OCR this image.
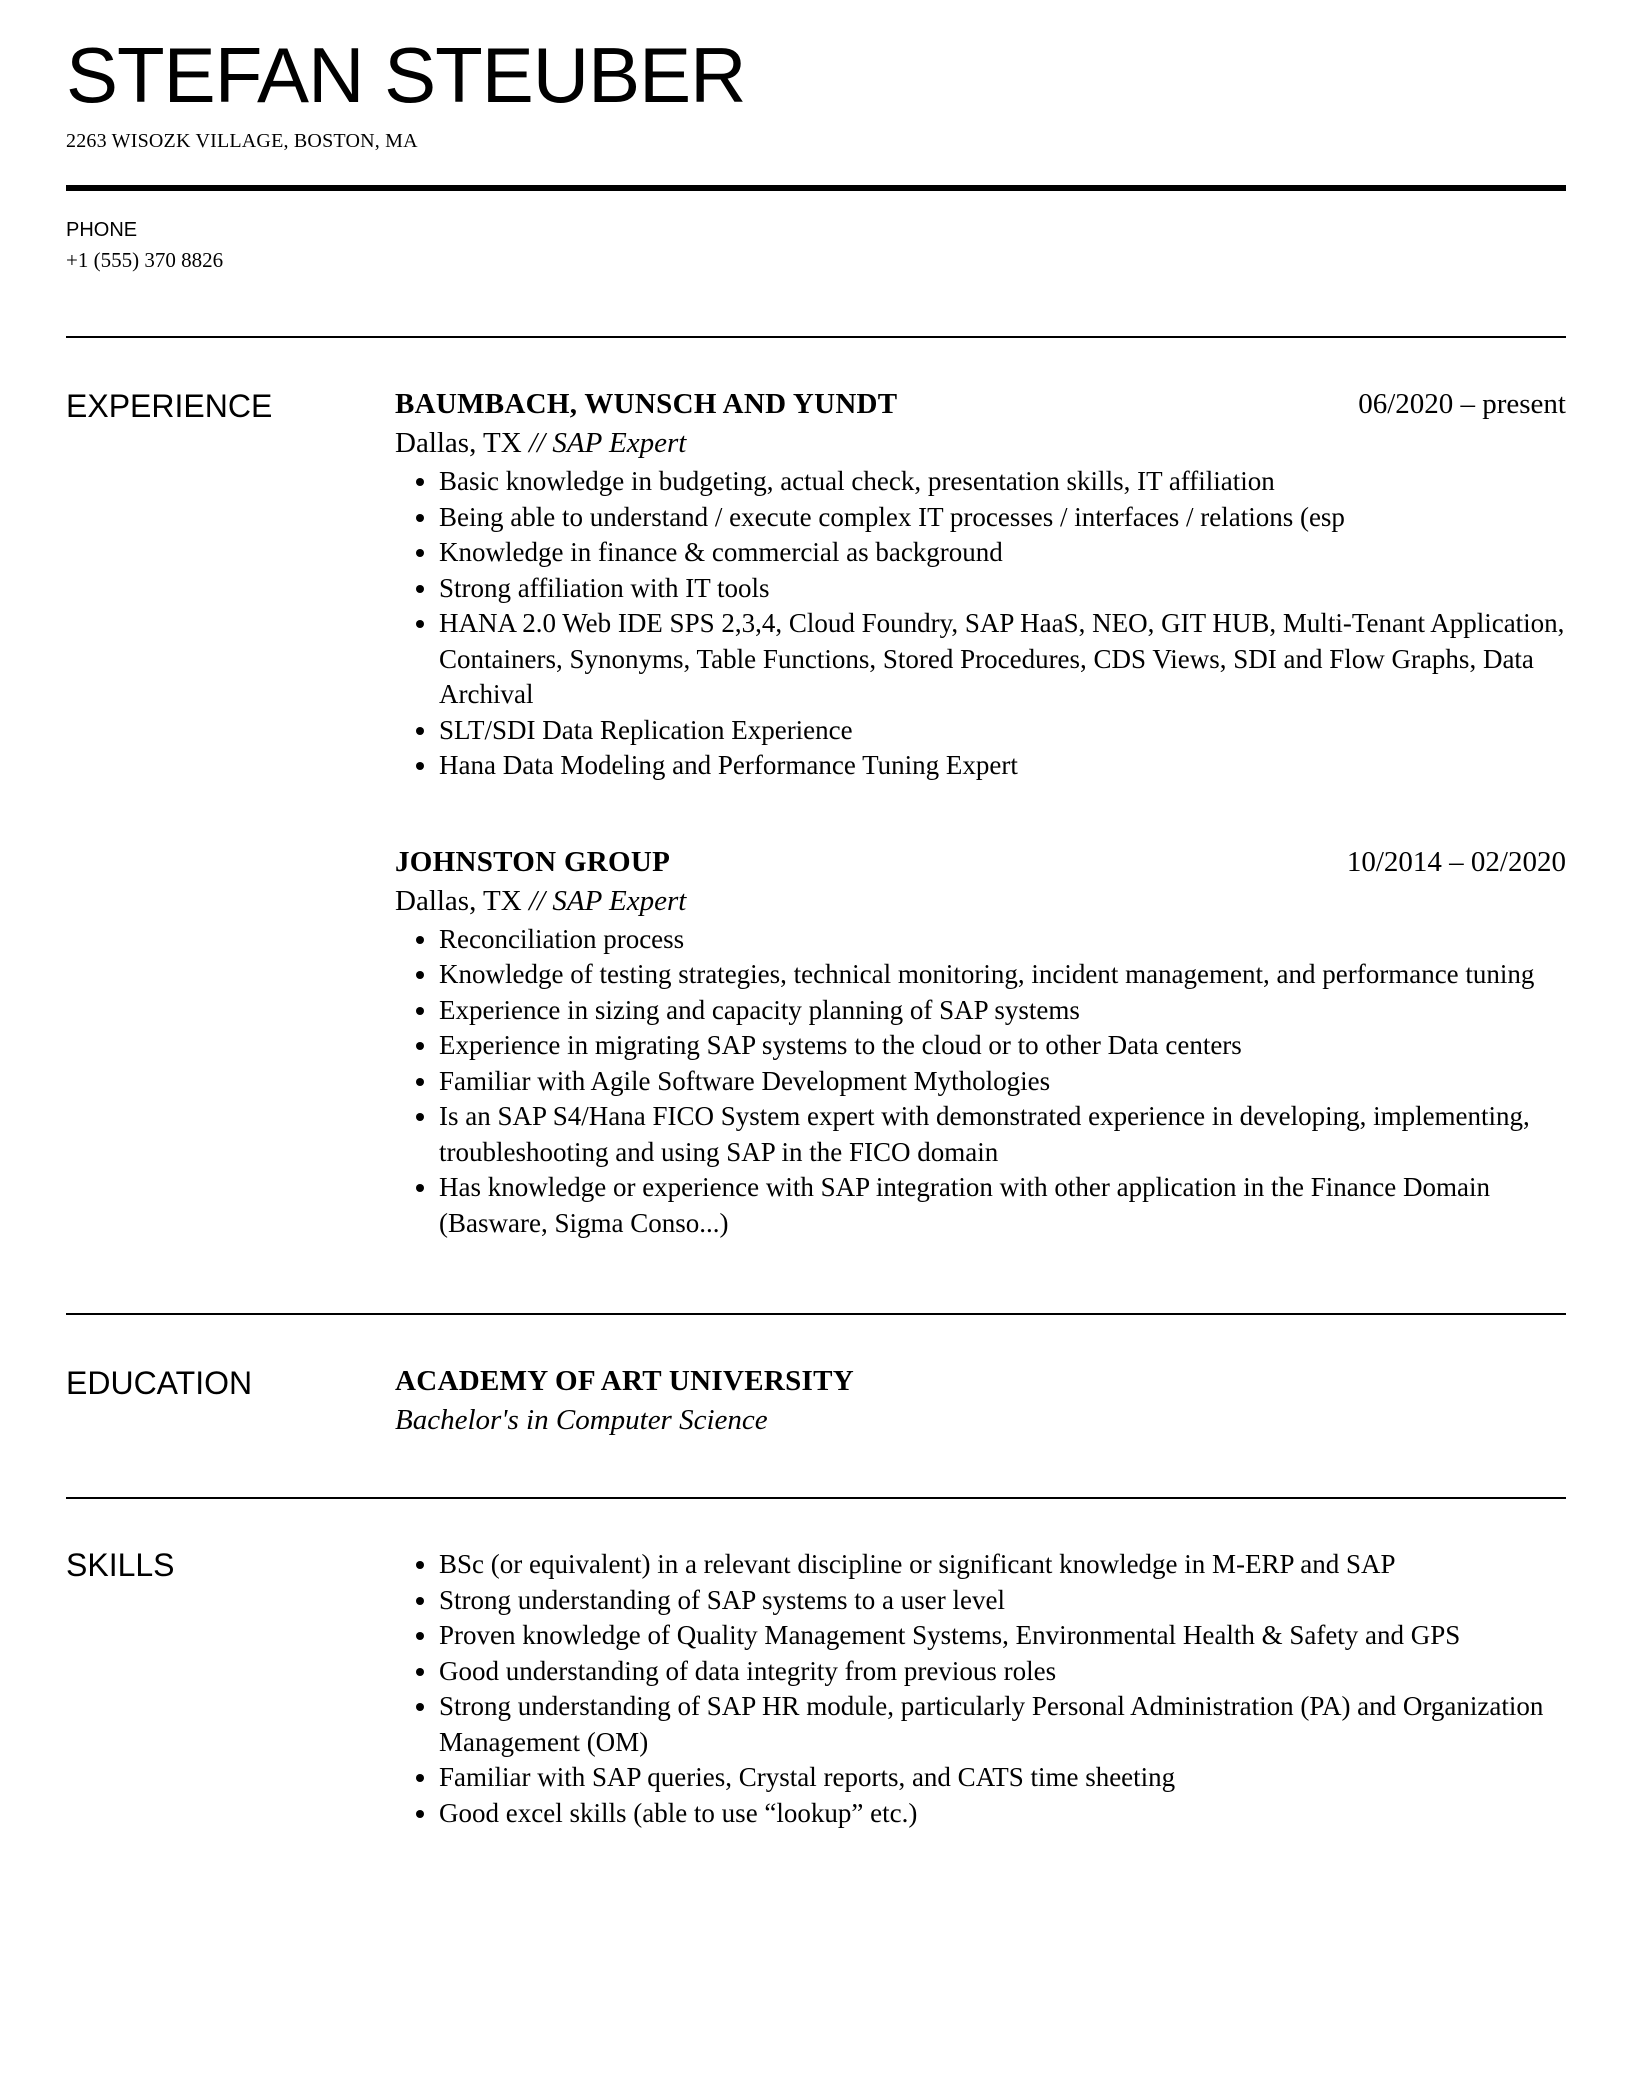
STEFAN STEUBER
2263 WISOZK VILLAGE, BOSTON, MA
PHONE
+1 (555) 370 8826
EXPERIENCE	BAUMBACH, WUNSCH AND YUNDT	06/2020 – present
Dallas, TX // SAP Expert
• Basic knowledge in budgeting, actual check, presentation skills, IT affiliation
• Being able to understand / execute complex IT processes / interfaces / relations (esp
• Knowledge in finance & commercial as background
• Strong affiliation with IT tools
• HANA 2.0 Web IDE SPS 2,3,4, Cloud Foundry, SAP HaaS, NEO, GIT HUB, Multi-Tenant Application, Containers, Synonyms, Table Functions, Stored Procedures, CDS Views, SDI and Flow Graphs, Data Archival
• SLT/SDI Data Replication Experience
• Hana Data Modeling and Performance Tuning Expert
JOHNSTON GROUP	10/2014 – 02/2020
Dallas, TX // SAP Expert
• Reconciliation process
• Knowledge of testing strategies, technical monitoring, incident management, and performance tuning
• Experience in sizing and capacity planning of SAP systems
• Experience in migrating SAP systems to the cloud or to other Data centers
• Familiar with Agile Software Development Mythologies
• Is an SAP S4/Hana FICO System expert with demonstrated experience in developing, implementing, troubleshooting and using SAP in the FICO domain
• Has knowledge or experience with SAP integration with other application in the Finance Domain (Basware, Sigma Conso...)
EDUCATION	ACADEMY OF ART UNIVERSITY
Bachelor's in Computer Science
SKILLS
•	BSc (or equivalent) in a relevant discipline or significant knowledge in M-ERP and SAP
• Strong understanding of SAP systems to a user level
• Proven knowledge of Quality Management Systems, Environmental Health & Safety and GPS
• Good understanding of data integrity from previous roles
• Strong understanding of SAP HR module, particularly Personal Administration (PA) and Organization Management (OM)
• Familiar with SAP queries, Crystal reports, and CATS time sheeting
• Good excel skills (able to use “lookup” etc.)
